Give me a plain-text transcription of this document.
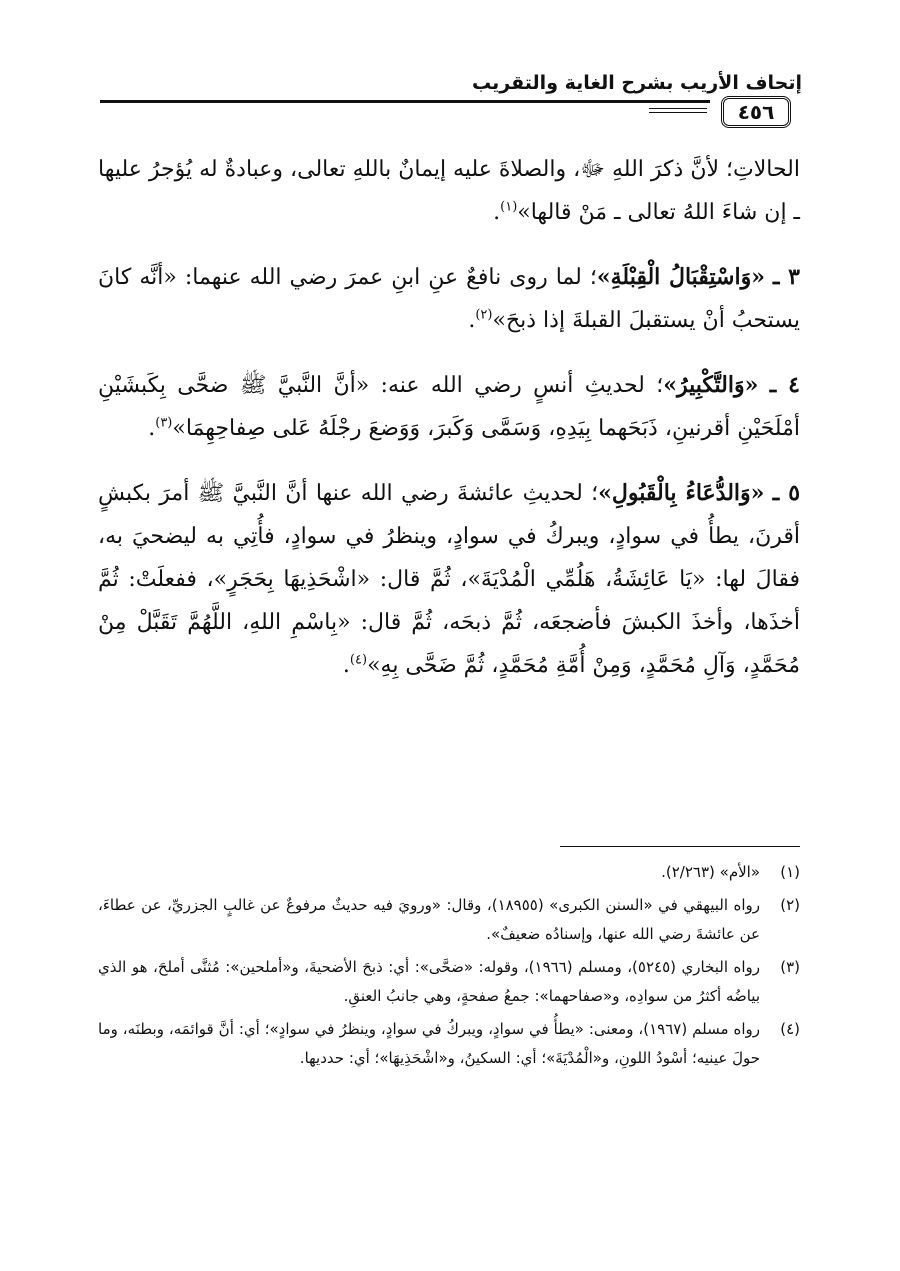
إتحاف الأريب بشرح الغاية والتقريب
٤٥٦

الحالاتِ؛ لأنَّ ذكرَ اللهِ ﷻ، والصلاةَ عليه إيمانٌ باللهِ تعالى، وعبادةٌ له يُؤجرُ عليها ـ إن شاءَ اللهُ تعالى ـ مَنْ قالها»$^{(١)}$.

٣ ـ «وَاسْتِقْبَالُ الْقِبْلَةِ»؛ لما روى نافعٌ عنِ ابنِ عمرَ رضي الله عنهما: «أنَّه كانَ يستحبُ أنْ يستقبلَ القبلةَ إذا ذبحَ»$^{(٢)}$.

٤ ـ «وَالتَّكْبِيرُ»؛ لحديثِ أنسٍ رضي الله عنه: «أنَّ النَّبيَّ ﷺ ضحَّى بِكَبشَيْنِ أمْلَحَيْنِ أقرنينِ، ذَبَحَهما بِيَدِهِ، وَسَمَّى وَكَبرَ، وَوَضعَ رجْلَهُ عَلى صِفاحِهِمَا»$^{(٣)}$.

٥ ـ «وَالدُّعَاءُ بِالْقَبُولِ»؛ لحديثِ عائشةَ رضي الله عنها أنَّ النَّبيَّ ﷺ أمرَ بكبشٍ أقرنَ، يطأُ في سوادٍ، ويبركُ في سوادٍ، وينظرُ في سوادٍ، فأُتِي به ليضحيَ به، فقالَ لها: «يَا عَائِشَةُ، هَلُمِّي الْمُدْيَةَ»، ثُمَّ قال: «اشْحَذِيهَا بِحَجَرٍ»، ففعلَتْ: ثُمَّ أخذَها، وأخذَ الكبشَ فأضجعَه، ثُمَّ ذبحَه، ثُمَّ قال: «بِاسْمِ اللهِ، اللَّهُمَّ تَقَبَّلْ مِنْ مُحَمَّدٍ، وَآلِ مُحَمَّدٍ، وَمِنْ أُمَّةِ مُحَمَّدٍ، ثُمَّ ضَحَّى بِهِ»$^{(٤)}$.

(١)
«الأم» (٢/٢٦٣).
(٢)
رواه البيهقي في «السنن الكبرى» (١٨٩٥٥)، وقال: «ورويَ فيه حديثٌ مرفوعٌ عن غالبٍ الجزريِّ، عن عطاءَ، عن عائشةَ رضي الله عنها، وإسنادُه ضعيفٌ».
(٣)
رواه البخاري (٥٢٤٥)، ومسلم (١٩٦٦)، وقوله: «ضحَّى»: أي: ذبحَ الأضحيةَ، و«أملحين»: مُثنَّى أملحَ، هو الذي بياضُه أكثرُ من سوادِه، و«صفاحهما»: جمعُ صفحةٍ، وهي جانبُ العنقِ.
(٤)
رواه مسلم (١٩٦٧)، ومعنى: «يطأُ في سوادٍ، ويبركُ في سوادٍ، وينظرُ في سوادٍ»؛ أي: أنَّ قوائمَه، وبطنَه، وما حولَ عينيه؛ أسْودُ اللونِ، و«الْمُدْيَةَ»؛ أي: السكينُ، و«اشْحَذِيهَا»؛ أي: حدديها.
